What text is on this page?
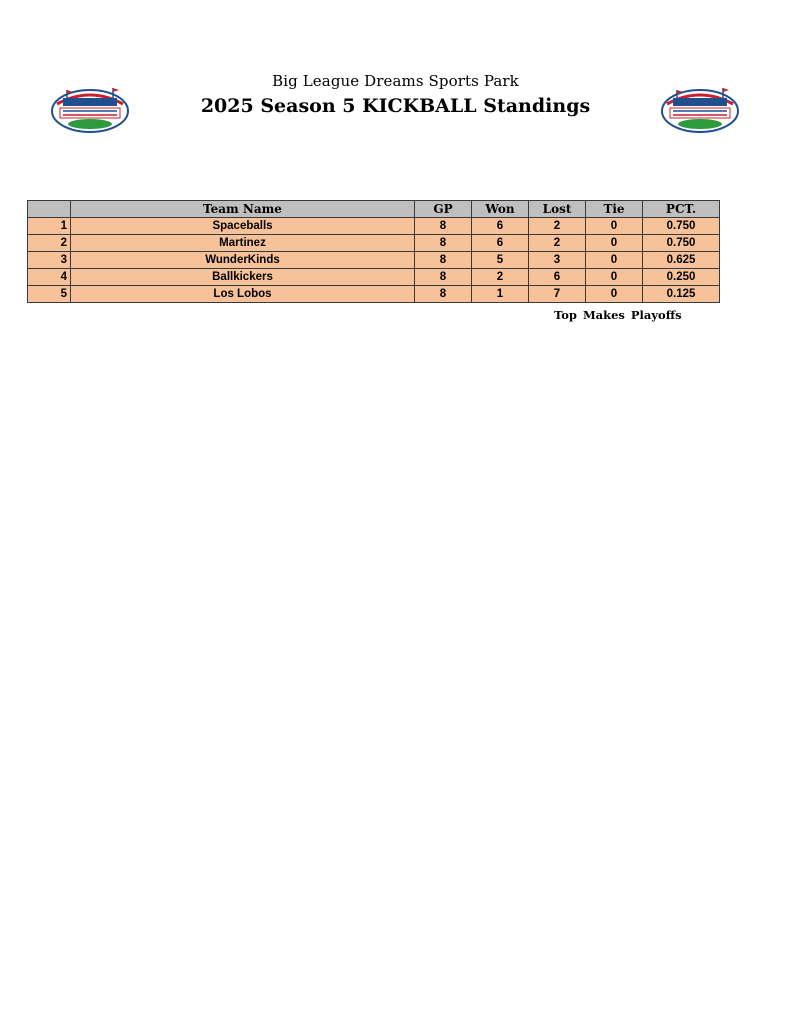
Big League Dreams Sports Park
2025 Season 5 KICKBALL Standings
	Team Name	GP	Won	Lost	Tie	PCT.
1	Spaceballs	8	6	2	0	0.750
2	Martinez	8	6	2	0	0.750
3	WunderKinds	8	5	3	0	0.625
4	Ballkickers	8	2	6	0	0.250
5	Los Lobos	8	1	7	0	0.125
Top Makes Playoffs
